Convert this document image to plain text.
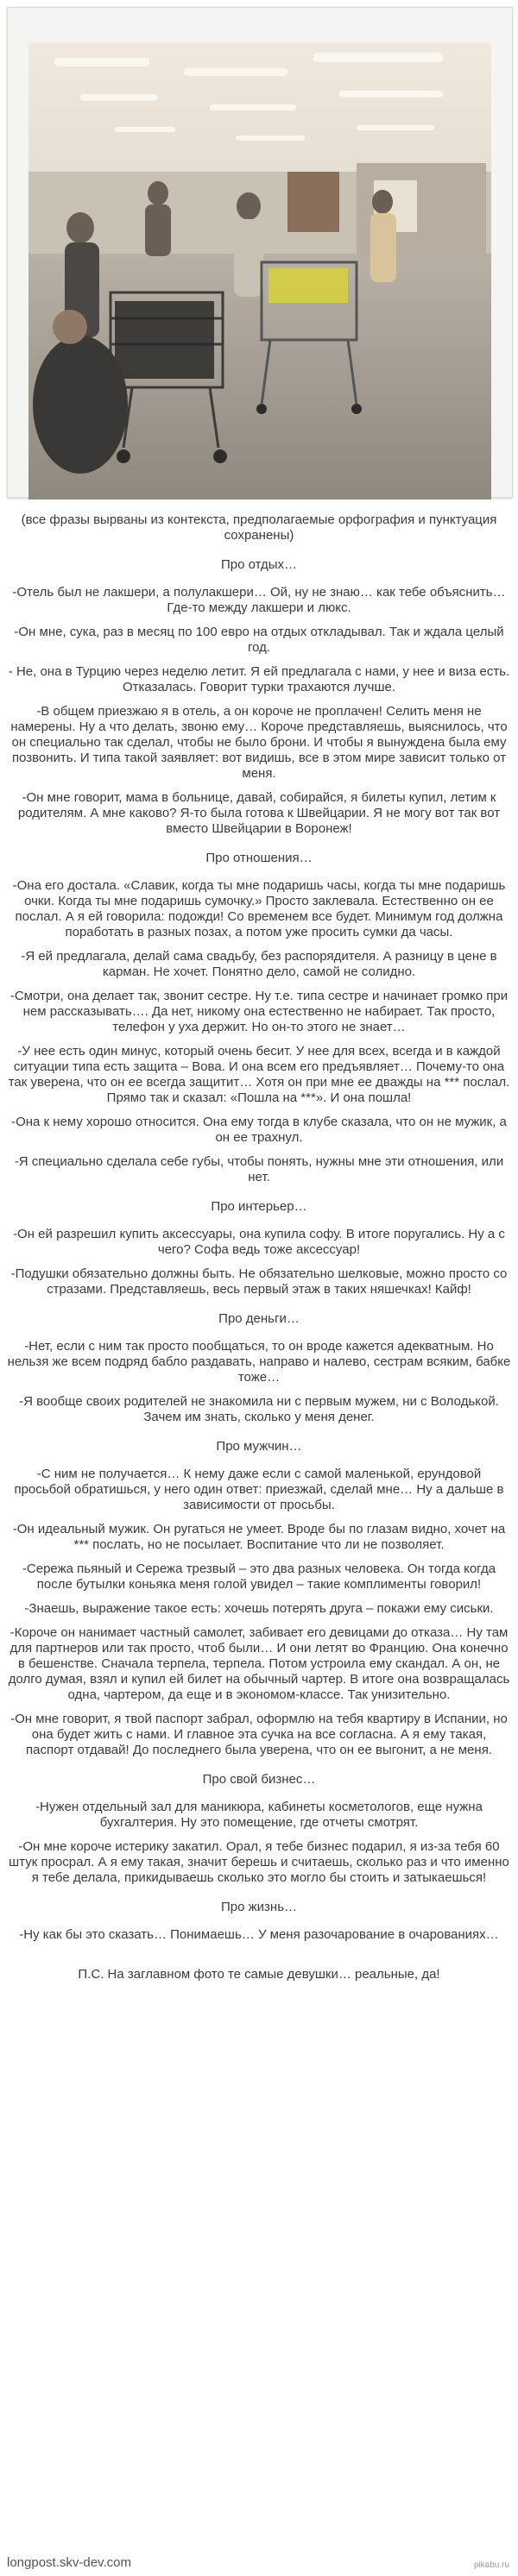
(все фразы вырваны из контекста, предполагаемые орфография и пунктуация сохранены)

Про отдых…

-Отель был не лакшери, а полулакшери… Ой, ну не знаю… как тебе объяснить… Где-то между лакшери и люкс.

-Он мне, сука, раз в месяц по 100 евро на отдых откладывал. Так и ждала целый год.

- Не, она в Турцию через неделю летит. Я ей предлагала с нами, у нее и виза есть. Отказалась. Говорит турки трахаются лучше.

-В общем приезжаю я в отель, а он короче не проплачен! Селить меня не намерены. Ну а что делать, звоню ему… Короче представляешь, выяснилось, что он специально так сделал, чтобы не было брони. И чтобы я вынуждена была ему позвонить. И типа такой заявляет: вот видишь, все в этом мире зависит только от меня.

-Он мне говорит, мама в больнице, давай, собирайся, я билеты купил, летим к родителям. А мне каково? Я-то была готова к Швейцарии. Я не могу вот так вот вместо Швейцарии в Воронеж!

Про отношения…

-Она его достала. «Славик, когда ты мне подаришь часы, когда ты мне подаришь очки. Когда ты мне подаришь сумочку.» Просто заклевала. Естественно он ее послал. А я ей говорила: подожди! Со временем все будет. Минимум год должна поработать в разных позах, а потом уже просить сумки да часы.

-Я ей предлагала, делай сама свадьбу, без распорядителя. А разницу в цене в карман. Не хочет. Понятно дело, самой не солидно.

-Смотри, она делает так, звонит сестре. Ну т.е. типа сестре и начинает громко при нем рассказывать…. Да нет, никому она естественно не набирает. Так просто, телефон у уха держит. Но он-то этого не знает…

-У нее есть один минус, который очень бесит. У нее для всех, всегда и в каждой ситуации типа есть защита – Вова. И она всем его предъявляет… Почему-то она так уверена, что он ее всегда защитит… Хотя он при мне ее дважды на *** послал. Прямо так и сказал: «Пошла на ***». И она пошла!

-Она к нему хорошо относится. Она ему тогда в клубе сказала, что он не мужик, а он ее трахнул.

-Я специально сделала себе губы, чтобы понять, нужны мне эти отношения, или нет.

Про интерьер…

-Он ей разрешил купить аксессуары, она купила софу. В итоге поругались. Ну а с чего? Софа ведь тоже аксессуар!

-Подушки обязательно должны быть. Не обязательно шелковые, можно просто со стразами. Представляешь, весь первый этаж в таких няшечках! Кайф!

Про деньги…

-Нет, если с ним так просто пообщаться, то он вроде кажется адекватным. Но нельзя же всем подряд бабло раздавать, направо и налево, сестрам всяким, бабке тоже…

-Я вообще своих родителей не знакомила ни с первым мужем, ни с Володькой. Зачем им знать, сколько у меня денег.

Про мужчин…

-С ним не получается… К нему даже если с самой маленькой, ерундовой просьбой обратишься, у него один ответ: приезжай, сделай мне… Ну а дальше в зависимости от просьбы.

-Он идеальный мужик. Он ругаться не умеет. Вроде бы по глазам видно, хочет на *** послать, но не посылает. Воспитание что ли не позволяет.

-Сережа пьяный и Сережа трезвый – это два разных человека. Он тогда когда после бутылки коньяка меня голой увидел – такие комплименты говорил!

-Знаешь, выражение такое есть: хочешь потерять друга – покажи ему сиськи.

-Короче он нанимает частный самолет, забивает его девицами до отказа… Ну там для партнеров или так просто, чтоб были… И они летят во Францию. Она конечно в бешенстве. Сначала терпела, терпела. Потом устроила ему скандал. А он, не долго думая, взял и купил ей билет на обычный чартер. В итоге она возвращалась одна, чартером, да еще и в экономом-классе. Так унизительно.

-Он мне говорит, я твой паспорт забрал, оформлю на тебя квартиру в Испании, но она будет жить с нами. И главное эта сучка на все согласна. А я ему такая, паспорт отдавай! До последнего была уверена, что он ее выгонит, а не меня.

Про свой бизнес…

-Нужен отдельный зал для маникюра, кабинеты косметологов, еще нужна бухгалтерия. Ну это помещение, где отчеты смотрят.

-Он мне короче истерику закатил. Орал, я тебе бизнес подарил, я из-за тебя 60 штук просрал. А я ему такая, значит берешь и считаешь, сколько раз и что именно я тебе делала, прикидываешь сколько это могло бы стоить и затыкаешься!

Про жизнь…

-Ну как бы это сказать… Понимаешь… У меня разочарование в очарованиях…

П.С. На заглавном фото те самые девушки… реальные, да!

longpost.skv-dev.com	pikabu.ru
